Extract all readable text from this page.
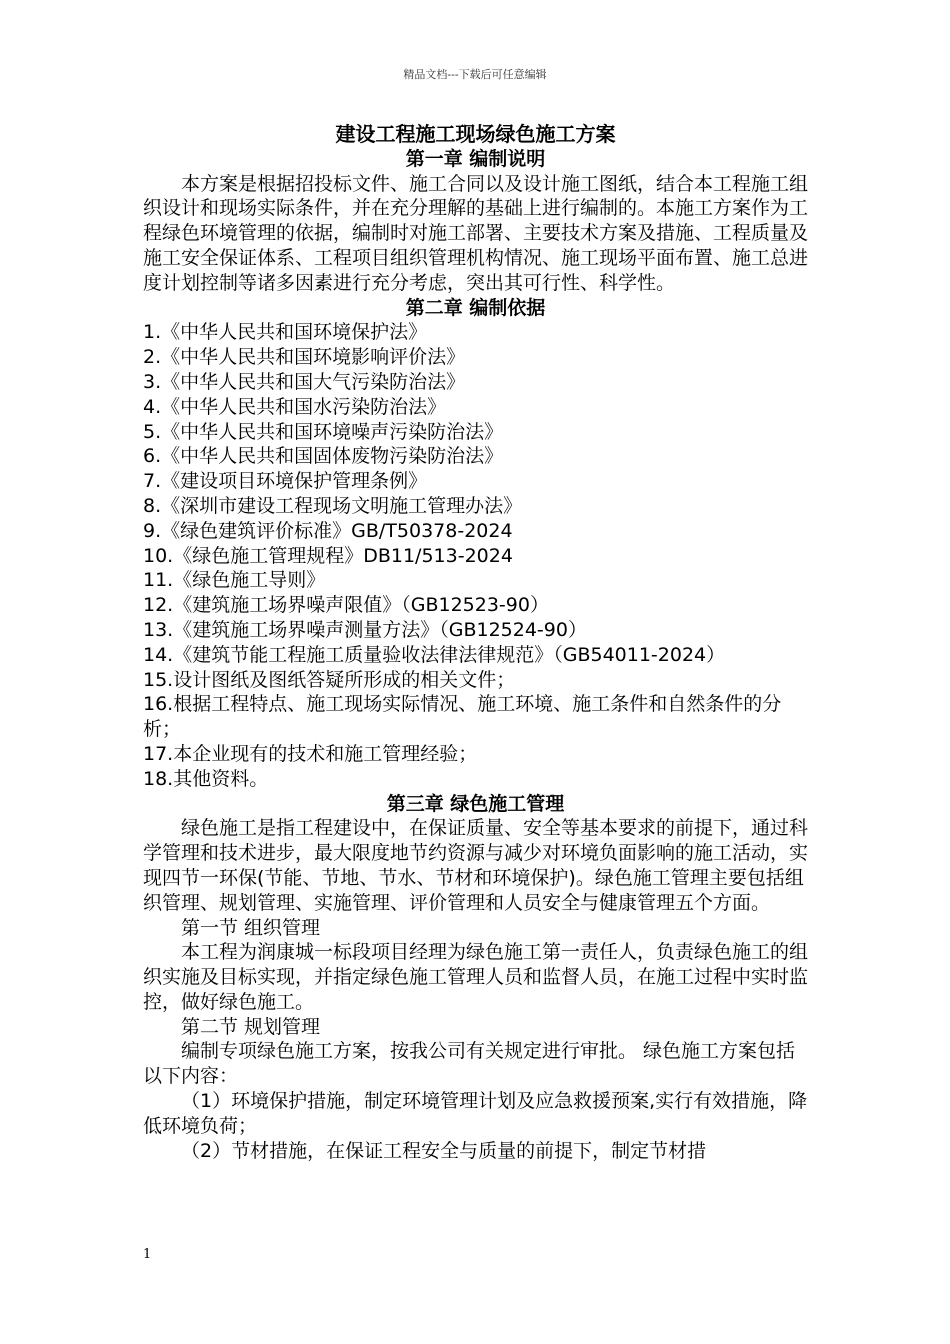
精品文档---下载后可任意编辑
建设工程施工现场绿色施工方案
第一章 编制说明

本方案是根据招投标文件、施工合同以及设计施工图纸，结合本工程施工组织设计和现场实际条件，并在充分理解的基础上进行编制的。本施工方案作为工程绿色环境管理的依据，编制时对施工部署、主要技术方案及措施、工程质量及施工安全保证体系、工程项目组织管理机构情况、施工现场平面布置、施工总进度计划控制等诸多因素进行充分考虑，突出其可行性、科学性。

第二章 编制依据
1.《中华人民共和国环境保护法》
2.《中华人民共和国环境影响评价法》
3.《中华人民共和国大气污染防治法》
4.《中华人民共和国水污染防治法》
5.《中华人民共和国环境噪声污染防治法》
6.《中华人民共和国固体废物污染防治法》
7.《建设项目环境保护管理条例》
8.《深圳市建设工程现场文明施工管理办法》
9.《绿色建筑评价标准》GB/T50378-2024
10.《绿色施工管理规程》DB11/513-2024
11.《绿色施工导则》
12.《建筑施工场界噪声限值》（GB12523-90）
13.《建筑施工场界噪声测量方法》（GB12524-90）
14.《建筑节能工程施工质量验收法律法律规范》（GB54011-2024）
15.设计图纸及图纸答疑所形成的相关文件；
16.根据工程特点、施工现场实际情况、施工环境、施工条件和自然条件的分析；
17.本企业现有的技术和施工管理经验；
18.其他资料。
第三章 绿色施工管理

绿色施工是指工程建设中，在保证质量、安全等基本要求的前提下，通过科学管理和技术进步，最大限度地节约资源与减少对环境负面影响的施工活动，实现四节一环保(节能、节地、节水、节材和环境保护)。绿色施工管理主要包括组织管理、规划管理、实施管理、评价管理和人员安全与健康管理五个方面。

第一节 组织管理

本工程为润康城一标段项目经理为绿色施工第一责任人，负责绿色施工的组织实施及目标实现，并指定绿色施工管理人员和监督人员，在施工过程中实时监控，做好绿色施工。

第二节 规划管理

编制专项绿色施工方案，按我公司有关规定进行审批。 绿色施工方案包括以下内容：

（1）环境保护措施，制定环境管理计划及应急救援预案,实行有效措施，降低环境负荷；

（2）节材措施，在保证工程安全与质量的前提下，制定节材措

1
